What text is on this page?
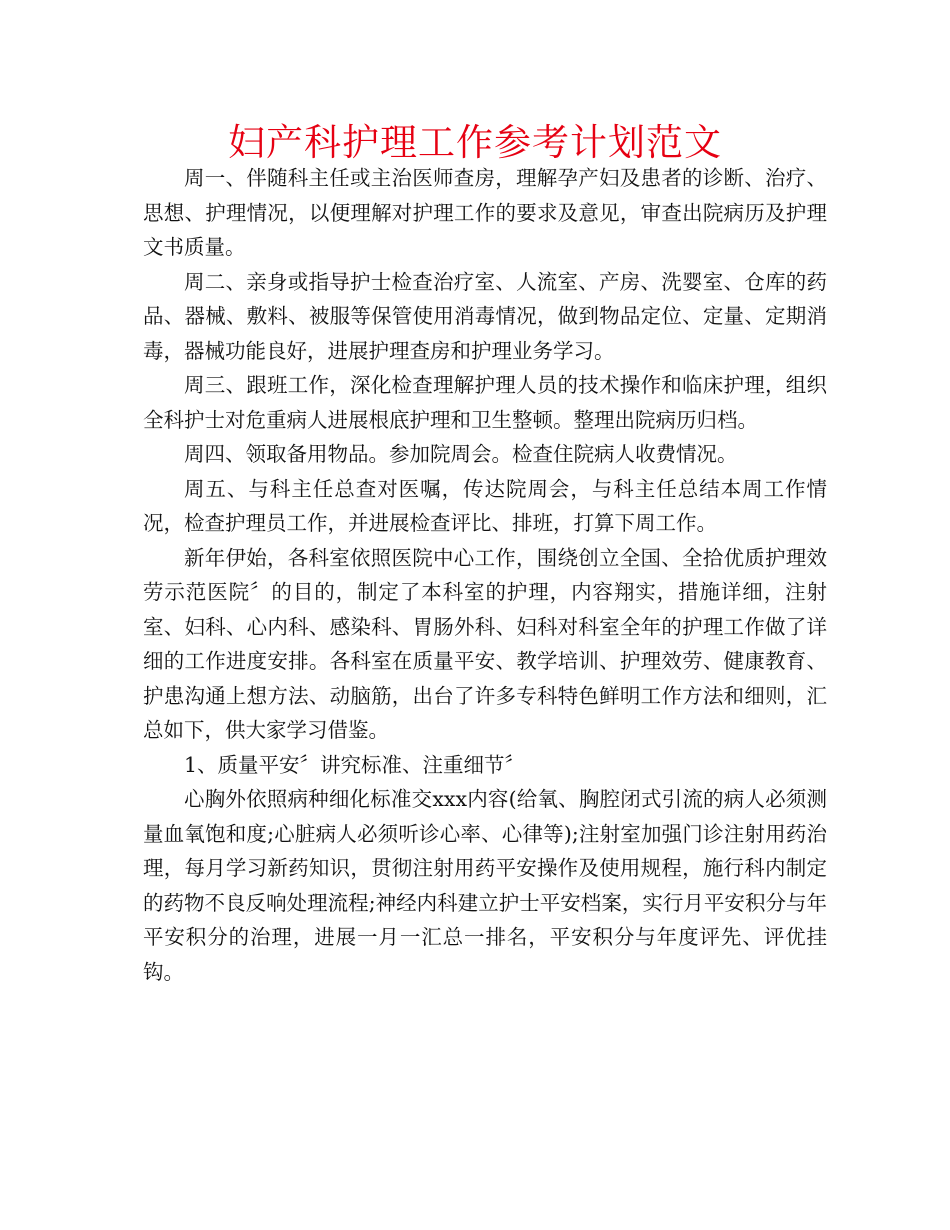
妇产科护理工作参考计划范文

周一、伴随科主任或主治医师查房，理解孕产妇及患者的诊断、治疗、思想、护理情况，以便理解对护理工作的要求及意见，审查出院病历及护理文书质量。

周二、亲身或指导护士检查治疗室、人流室、产房、洗婴室、仓库的药品、器械、敷料、被服等保管使用消毒情况，做到物品定位、定量、定期消毒，器械功能良好，进展护理查房和护理业务学习。

周三、跟班工作，深化检查理解护理人员的技术操作和临床护理，组织全科护士对危重病人进展根底护理和卫生整顿。整理出院病历归档。

周四、领取备用物品。参加院周会。检查住院病人收费情况。

周五、与科主任总查对医嘱，传达院周会，与科主任总结本周工作情况，检查护理员工作，并进展检查评比、排班，打算下周工作。

新年伊始，各科室依照医院中心工作，围绕创立全国、全拾优质护理效劳示范医院〞的目的，制定了本科室的护理，内容翔实，措施详细，注射室、妇科、心内科、感染科、胃肠外科、妇科对科室全年的护理工作做了详细的工作进度安排。各科室在质量平安、教学培训、护理效劳、健康教育、护患沟通上想方法、动脑筋，出台了许多专科特色鲜明工作方法和细则，汇总如下，供大家学习借鉴。

1、质量平安〞讲究标准、注重细节〞

心胸外依照病种细化标准交xxx内容(给氧、胸腔闭式引流的病人必须测量血氧饱和度;心脏病人必须听诊心率、心律等);注射室加强门诊注射用药治理，每月学习新药知识，贯彻注射用药平安操作及使用规程，施行科内制定的药物不良反响处理流程;神经内科建立护士平安档案，实行月平安积分与年平安积分的治理，进展一月一汇总一排名，平安积分与年度评先、评优挂钩。
